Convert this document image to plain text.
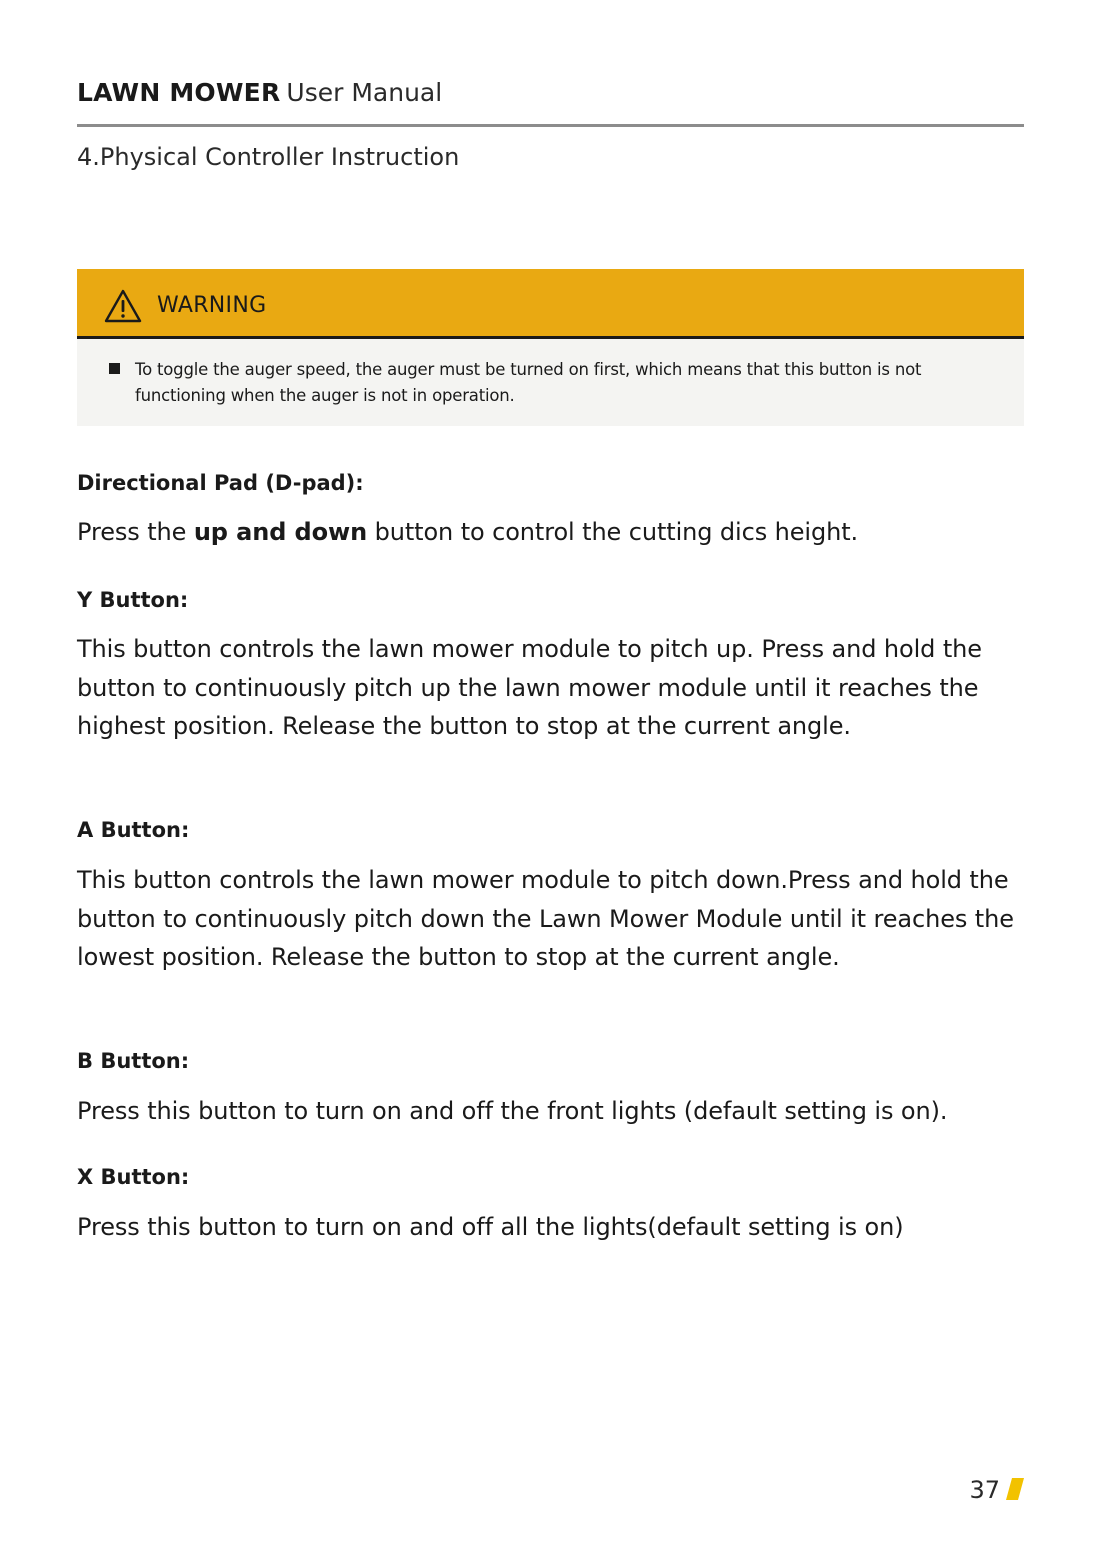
LAWN MOWER User Manual
4.Physical Controller Instruction
WARNING
To toggle the auger speed, the auger must be turned on first, which means that this button is not functioning when the auger is not in operation.
Directional Pad (D-pad):
Press the up and down button to control the cutting dics height.
Y Button:
This button controls the lawn mower module to pitch up. Press and hold the button to continuously pitch up the lawn mower module until it reaches the highest position. Release the button to stop at the current angle.
A Button:
This button controls the lawn mower module to pitch down.Press and hold the button to continuously pitch down the Lawn Mower Module until it reaches the lowest position. Release the button to stop at the current angle.
B Button:
Press this button to turn on and off the front lights (default setting is on).
X Button:
Press this button to turn on and off all the lights(default setting is on)
37
